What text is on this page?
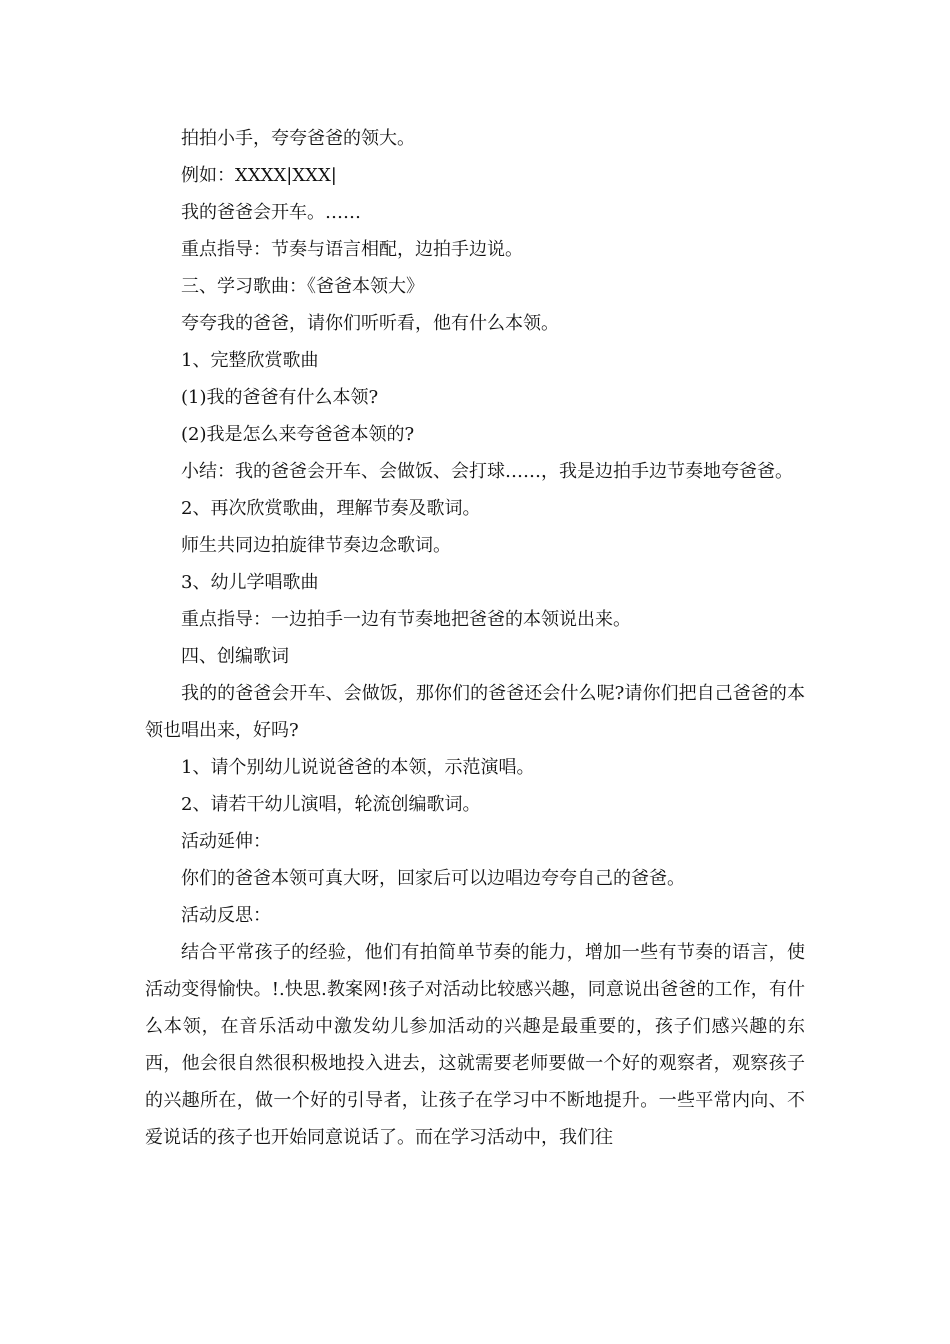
拍拍小手，夸夸爸爸的领大。

例如：XXXX|XXX|

我的爸爸会开车。……

重点指导：节奏与语言相配，边拍手边说。

三、学习歌曲：《爸爸本领大》

夸夸我的爸爸，请你们听听看，他有什么本领。

1、完整欣赏歌曲

(1)我的爸爸有什么本领?

(2)我是怎么来夸爸爸本领的?

小结：我的爸爸会开车、会做饭、会打球……，我是边拍手边节奏地夸爸爸。

2、再次欣赏歌曲，理解节奏及歌词。

师生共同边拍旋律节奏边念歌词。

3、幼儿学唱歌曲

重点指导：一边拍手一边有节奏地把爸爸的本领说出来。

四、创编歌词

我的的爸爸会开车、会做饭，那你们的爸爸还会什么呢?请你们把自己爸爸的本领也唱出来，好吗?

1、请个别幼儿说说爸爸的本领，示范演唱。

2、请若干幼儿演唱，轮流创编歌词。

活动延伸：

你们的爸爸本领可真大呀，回家后可以边唱边夸夸自己的爸爸。

活动反思：

结合平常孩子的经验，他们有拍简单节奏的能力，增加一些有节奏的语言，使活动变得愉快。!.快思.教案网!孩子对活动比较感兴趣，同意说出爸爸的工作，有什么本领，在音乐活动中激发幼儿参加活动的兴趣是最重要的，孩子们感兴趣的东西，他会很自然很积极地投入进去，这就需要老师要做一个好的观察者，观察孩子的兴趣所在，做一个好的引导者，让孩子在学习中不断地提升。一些平常内向、不爱说话的孩子也开始同意说话了。而在学习活动中，我们往
